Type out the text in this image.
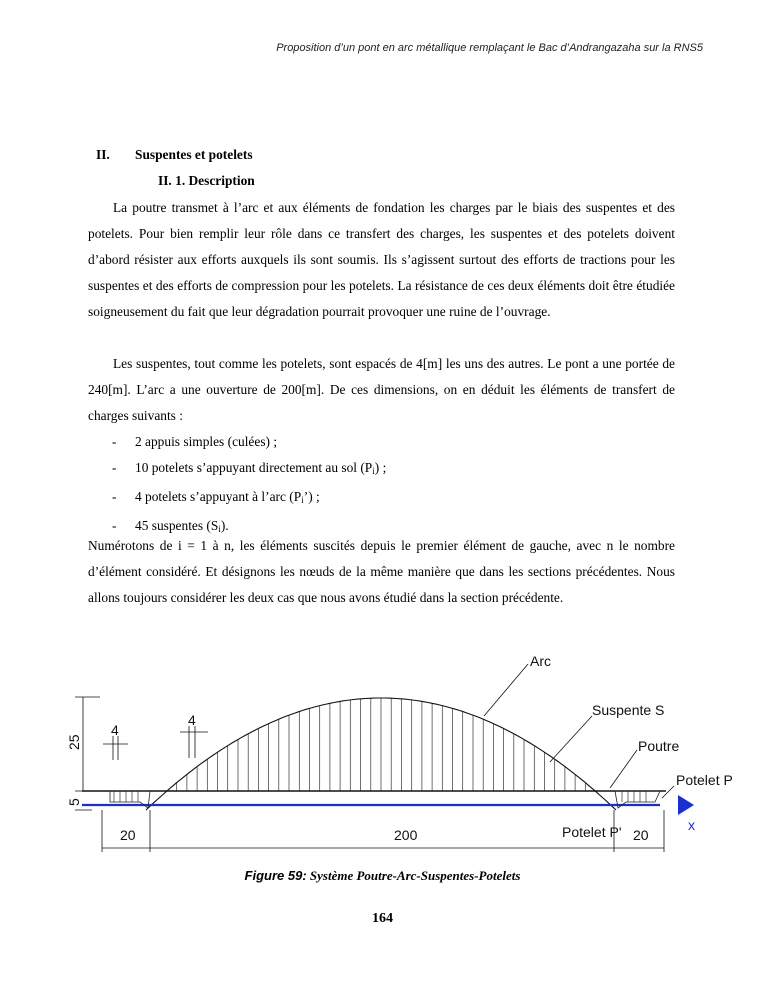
Proposition d’un pont en arc métallique remplaçant le Bac d’Andrangazaha sur la RNS5
II. Suspentes et potelets
II. 1. Description

La poutre transmet à l’arc et aux éléments de fondation les charges par le biais des suspentes et des potelets. Pour bien remplir leur rôle dans ce transfert des charges, les suspentes et des potelets doivent d’abord résister aux efforts auxquels ils sont soumis. Ils s’agissent surtout des efforts de tractions pour les suspentes et des efforts de compression pour les potelets. La résistance de ces deux éléments doit être étudiée soigneusement du fait que leur dégradation pourrait provoquer une ruine de l’ouvrage.

Les suspentes, tout comme les potelets, sont espacés de 4[m] les uns des autres. Le pont a une portée de 240[m]. L’arc a une ouverture de 200[m]. De ces dimensions, on en déduit les éléments de transfert de charges suivants :

- 2 appuis simples (culées) ;
- 10 potelets s’appuyant directement au sol $(P_i)$ ;
- 4 potelets s’appuyant à l’arc $(P_i’)$ ;
- 45 suspentes $(S_i)$.

Numérotons de i = 1 à n, les éléments suscités depuis le premier élément de gauche, avec n le nombre d’élément considéré. Et désignons les nœuds de la même manière que dans les sections précédentes. Nous allons toujours considérer les deux cas que nous avons étudié dans la section précédente.

x
25
5
4
4
20	200	20
Arc
Suspente S
Poutre
Potelet P
Potelet P'
Figure 59: Système Poutre-Arc-Suspentes-Potelets
164
